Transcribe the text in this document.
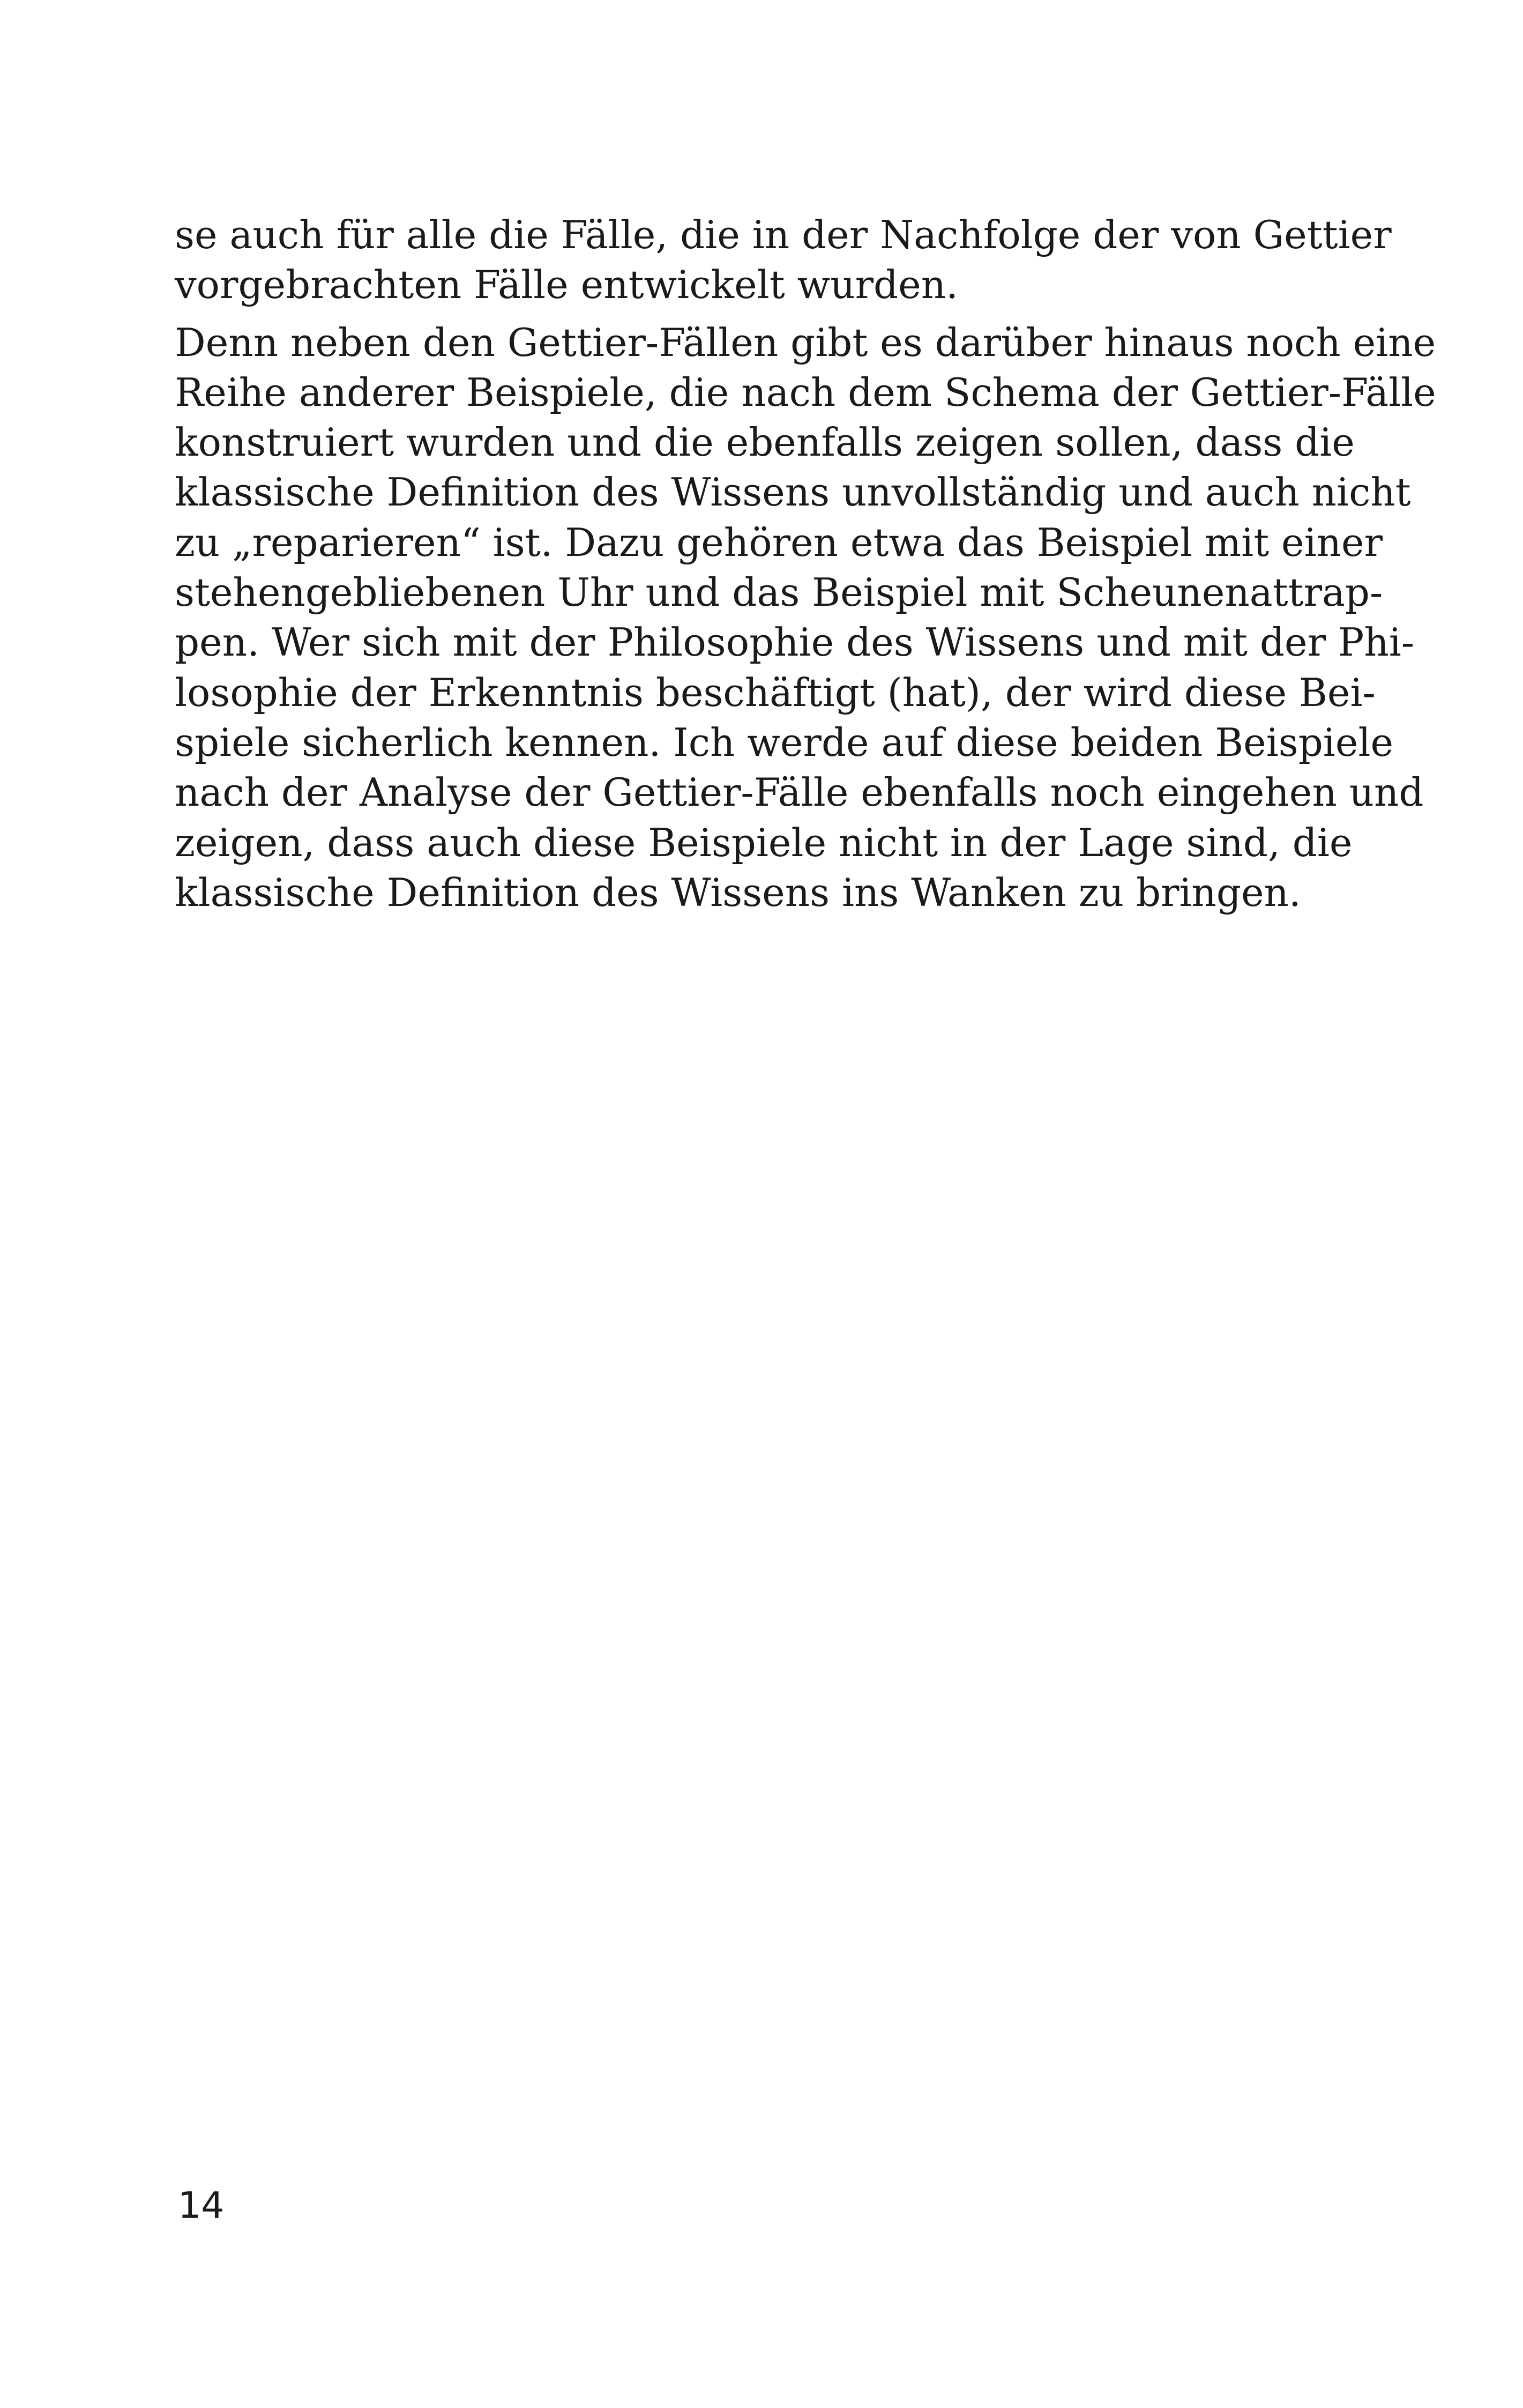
se auch für alle die Fälle, die in der Nachfolge der von Gettier
vorgebrachten Fälle entwickelt wurden.
Denn neben den Gettier-Fällen gibt es darüber hinaus noch eine
Reihe anderer Beispiele, die nach dem Schema der Gettier-Fälle
konstruiert wurden und die ebenfalls zeigen sollen, dass die
klassische Definition des Wissens unvollständig und auch nicht
zu „reparieren“ ist. Dazu gehören etwa das Beispiel mit einer
stehengebliebenen Uhr und das Beispiel mit Scheunenattrap-
pen. Wer sich mit der Philosophie des Wissens und mit der Phi-
losophie der Erkenntnis beschäftigt (hat), der wird diese Bei-
spiele sicherlich kennen. Ich werde auf diese beiden Beispiele
nach der Analyse der Gettier-Fälle ebenfalls noch eingehen und
zeigen, dass auch diese Beispiele nicht in der Lage sind, die
klassische Definition des Wissens ins Wanken zu bringen.
14
